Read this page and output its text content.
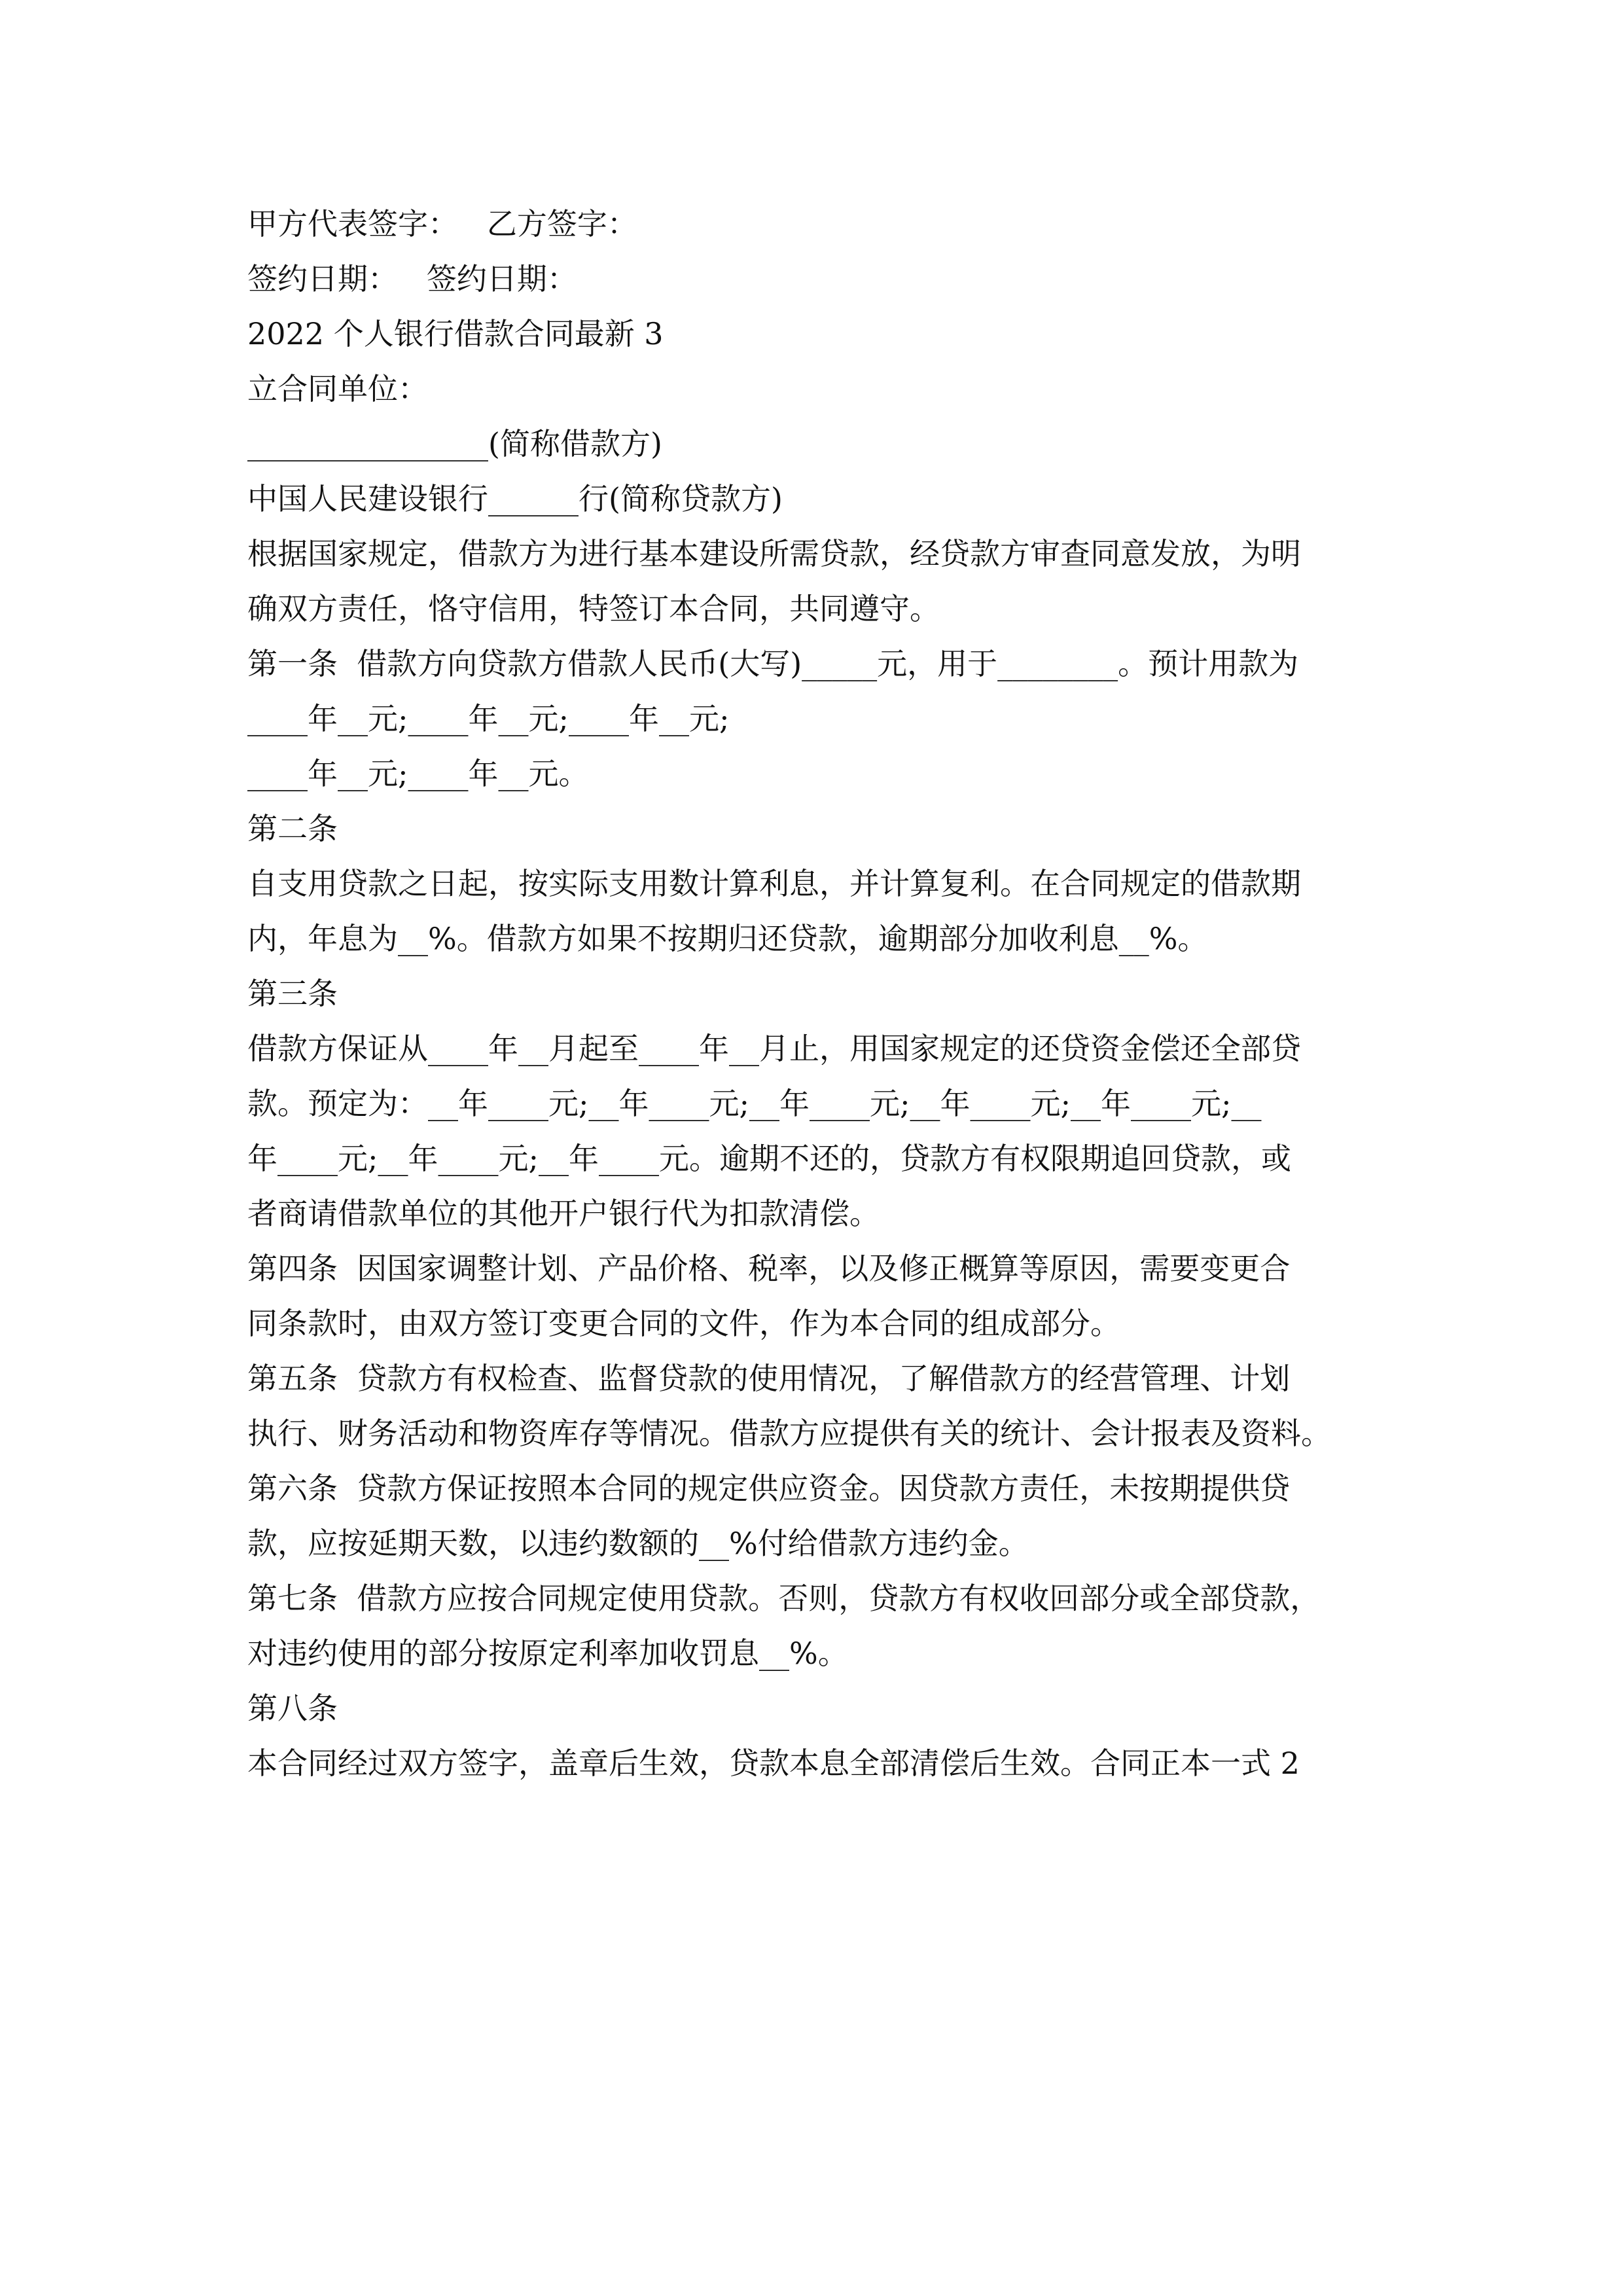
甲方代表签字：   乙方签字：

签约日期：   签约日期：

2022 个人银行借款合同最新 3

立合同单位：

________________(简称借款方)

中国人民建设银行______行(简称贷款方)

根据国家规定，借款方为进行基本建设所需贷款，经贷款方审查同意发放，为明

确双方责任，恪守信用，特签订本合同，共同遵守。

第一条  借款方向贷款方借款人民币(大写)_____元，用于________。预计用款为

____年__元;____年__元;____年__元;

____年__元;____年__元。

第二条

自支用贷款之日起，按实际支用数计算利息，并计算复利。在合同规定的借款期

内，年息为__%。借款方如果不按期归还贷款，逾期部分加收利息__%。

第三条

借款方保证从____年__月起至____年__月止，用国家规定的还贷资金偿还全部贷

款。预定为：__年____元;__年____元;__年____元;__年____元;__年____元;__

年____元;__年____元;__年____元。逾期不还的，贷款方有权限期追回贷款，或

者商请借款单位的其他开户银行代为扣款清偿。

第四条  因国家调整计划、产品价格、税率，以及修正概算等原因，需要变更合

同条款时，由双方签订变更合同的文件，作为本合同的组成部分。

第五条  贷款方有权检查、监督贷款的使用情况，了解借款方的经营管理、计划

执行、财务活动和物资库存等情况。借款方应提供有关的统计、会计报表及资料。

第六条  贷款方保证按照本合同的规定供应资金。因贷款方责任，未按期提供贷

款，应按延期天数，以违约数额的__%付给借款方违约金。

第七条  借款方应按合同规定使用贷款。否则，贷款方有权收回部分或全部贷款，

对违约使用的部分按原定利率加收罚息__%。

第八条

本合同经过双方签字，盖章后生效，贷款本息全部清偿后生效。合同正本一式 2
